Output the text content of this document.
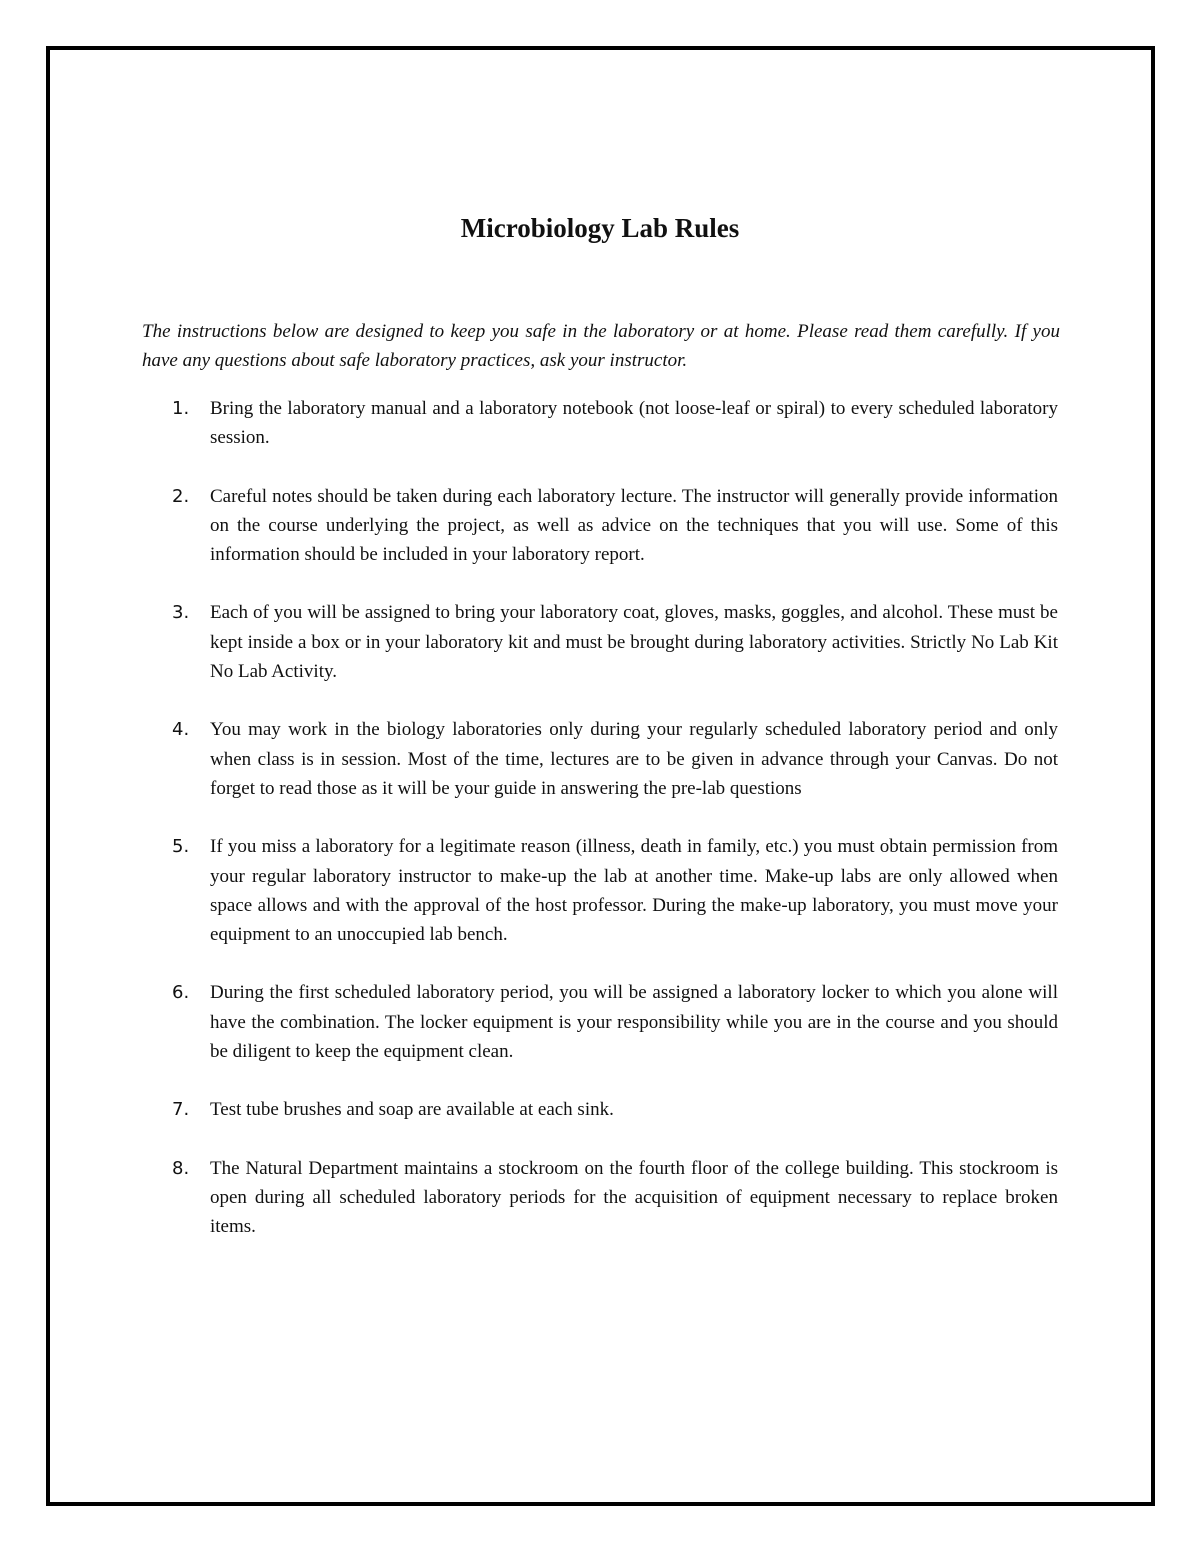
Microbiology Lab Rules

The instructions below are designed to keep you safe in the laboratory or at home. Please read them carefully. If you have any questions about safe laboratory practices, ask your instructor.

1.	Bring the laboratory manual and a laboratory notebook (not loose-leaf or spiral) to every scheduled laboratory session.
2.	Careful notes should be taken during each laboratory lecture. The instructor will generally provide information on the course underlying the project, as well as advice on the techniques that you will use. Some of this information should be included in your laboratory report.
3.	Each of you will be assigned to bring your laboratory coat, gloves, masks, goggles, and alcohol. These must be kept inside a box or in your laboratory kit and must be brought during laboratory activities. Strictly No Lab Kit No Lab Activity.
4.	You may work in the biology laboratories only during your regularly scheduled laboratory period and only when class is in session. Most of the time, lectures are to be given in advance through your Canvas. Do not forget to read those as it will be your guide in answering the pre-lab questions
5.	If you miss a laboratory for a legitimate reason (illness, death in family, etc.) you must obtain permission from your regular laboratory instructor to make-up the lab at another time. Make-up labs are only allowed when space allows and with the approval of the host professor. During the make-up laboratory, you must move your equipment to an unoccupied lab bench.
6.	During the first scheduled laboratory period, you will be assigned a laboratory locker to which you alone will have the combination. The locker equipment is your responsibility while you are in the course and you should be diligent to keep the equipment clean.
7.	Test tube brushes and soap are available at each sink.
8.	The Natural Department maintains a stockroom on the fourth floor of the college building. This stockroom is open during all scheduled laboratory periods for the acquisition of equipment necessary to replace broken items.
